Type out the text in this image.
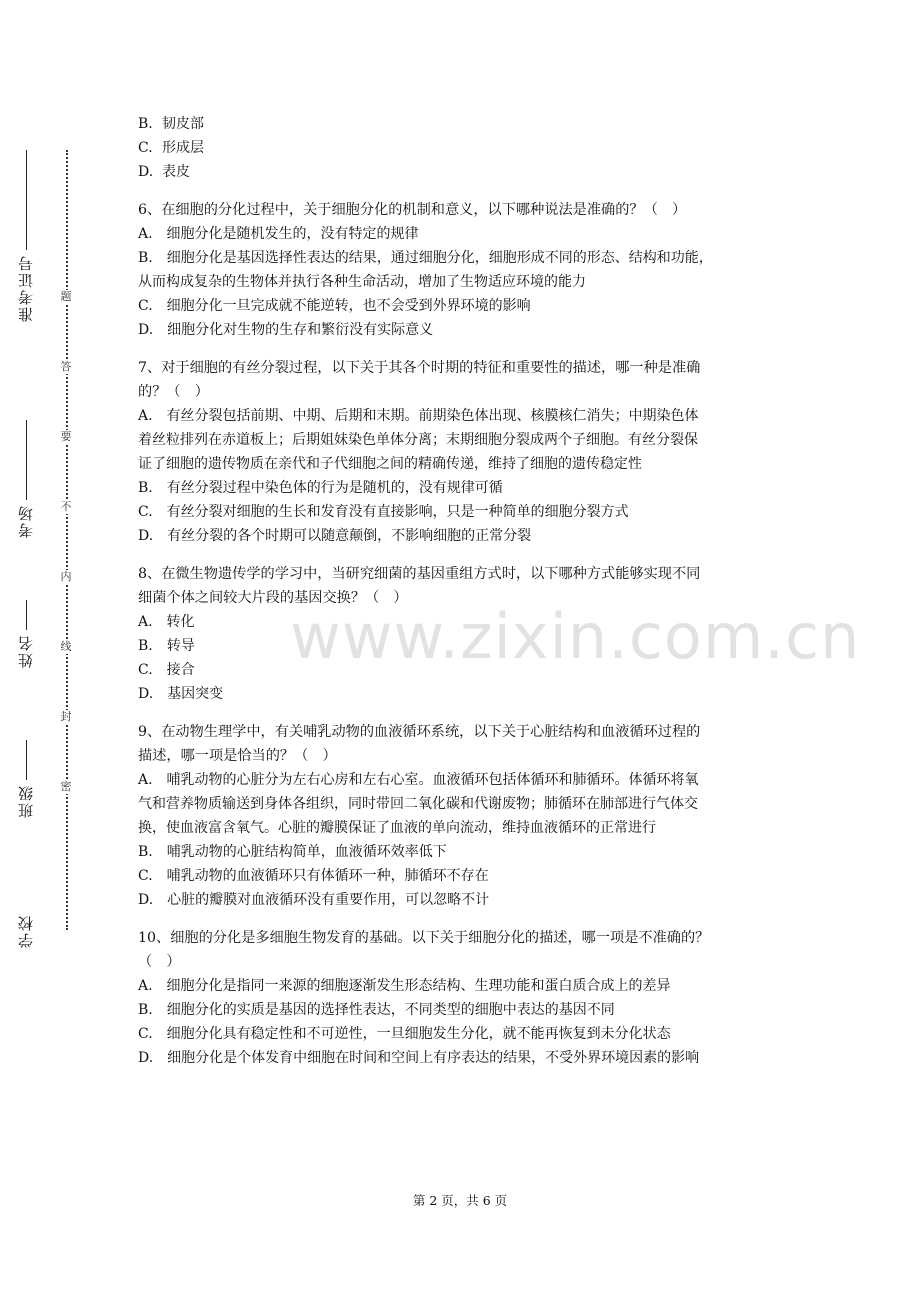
准考证号
考场
姓名
班级
学校
题
答
要
不
内
线
封
密
B. 韧皮部
C. 形成层
D. 表皮
6、在细胞的分化过程中，关于细胞分化的机制和意义，以下哪种说法是准确的？（　）
A.　细胞分化是随机发生的，没有特定的规律
B.　细胞分化是基因选择性表达的结果，通过细胞分化，细胞形成不同的形态、结构和功能，
从而构成复杂的生物体并执行各种生命活动，增加了生物适应环境的能力
C.　细胞分化一旦完成就不能逆转，也不会受到外界环境的影响
D.　细胞分化对生物的生存和繁衍没有实际意义
7、对于细胞的有丝分裂过程，以下关于其各个时期的特征和重要性的描述，哪一种是准确
的？（　）
A.　有丝分裂包括前期、中期、后期和末期。前期染色体出现、核膜核仁消失；中期染色体
着丝粒排列在赤道板上；后期姐妹染色单体分离；末期细胞分裂成两个子细胞。有丝分裂保
证了细胞的遗传物质在亲代和子代细胞之间的精确传递，维持了细胞的遗传稳定性
B.　有丝分裂过程中染色体的行为是随机的，没有规律可循
C.　有丝分裂对细胞的生长和发育没有直接影响，只是一种简单的细胞分裂方式
D.　有丝分裂的各个时期可以随意颠倒，不影响细胞的正常分裂
8、在微生物遗传学的学习中，当研究细菌的基因重组方式时，以下哪种方式能够实现不同
细菌个体之间较大片段的基因交换？（　）
A.　转化
B.　转导
C.　接合
D.　基因突变
9、在动物生理学中，有关哺乳动物的血液循环系统，以下关于心脏结构和血液循环过程的
描述，哪一项是恰当的？（　）
A.　哺乳动物的心脏分为左右心房和左右心室。血液循环包括体循环和肺循环。体循环将氧
气和营养物质输送到身体各组织，同时带回二氧化碳和代谢废物；肺循环在肺部进行气体交
换，使血液富含氧气。心脏的瓣膜保证了血液的单向流动，维持血液循环的正常进行
B.　哺乳动物的心脏结构简单，血液循环效率低下
C.　哺乳动物的血液循环只有体循环一种，肺循环不存在
D.　心脏的瓣膜对血液循环没有重要作用，可以忽略不计
10、细胞的分化是多细胞生物发育的基础。以下关于细胞分化的描述，哪一项是不准确的？
（　）
A.　细胞分化是指同一来源的细胞逐渐发生形态结构、生理功能和蛋白质合成上的差异
B.　细胞分化的实质是基因的选择性表达，不同类型的细胞中表达的基因不同
C.　细胞分化具有稳定性和不可逆性，一旦细胞发生分化，就不能再恢复到未分化状态
D.　细胞分化是个体发育中细胞在时间和空间上有序表达的结果，不受外界环境因素的影响
www.zixin.com.cn
第 2 页，共 6 页
